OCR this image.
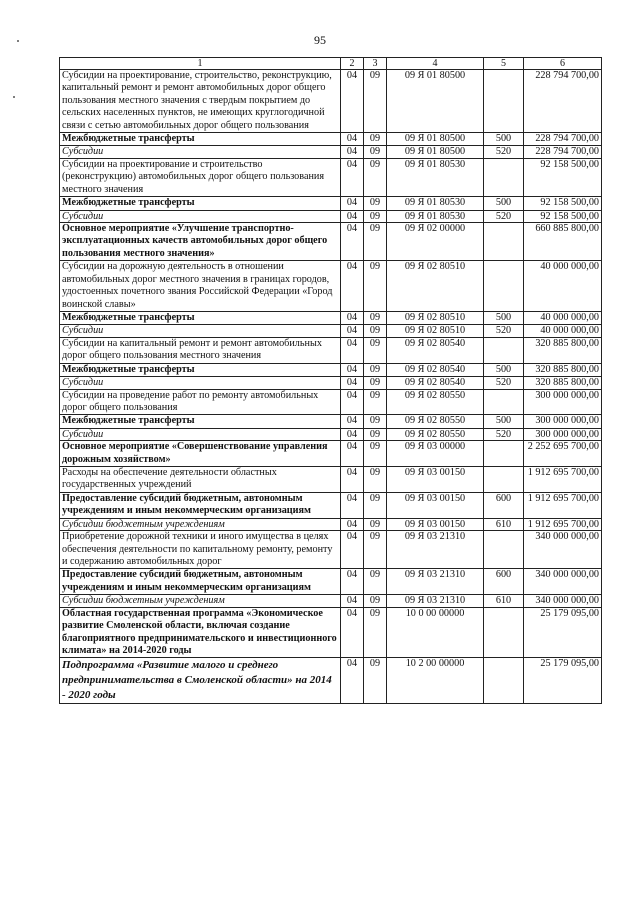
95
1	2	3	4	5	6
Субсидии на проектирование, строительство, реконструкцию, капитальный ремонт и ремонт автомобильных дорог общего пользования местного значения с твердым покрытием до сельских населенных пунктов, не имеющих круглогодичной связи с сетью автомобильных дорог общего пользования	04	09	09 Я 01 80500		228 794 700,00
Межбюджетные трансферты	04	09	09 Я 01 80500	500	228 794 700,00
Субсидии	04	09	09 Я 01 80500	520	228 794 700,00
Субсидии на проектирование и строительство (реконструкцию) автомобильных дорог общего пользования местного значения	04	09	09 Я 01 80530		92 158 500,00
Межбюджетные трансферты	04	09	09 Я 01 80530	500	92 158 500,00
Субсидии	04	09	09 Я 01 80530	520	92 158 500,00
Основное мероприятие «Улучшение транспортно-эксплуатационных качеств автомобильных дорог общего пользования местного значения»	04	09	09 Я 02 00000		660 885 800,00
Субсидии на дорожную деятельность в отношении автомобильных дорог местного значения в границах городов, удостоенных почетного звания Российской Федерации «Город воинской славы»	04	09	09 Я 02 80510		40 000 000,00
Межбюджетные трансферты	04	09	09 Я 02 80510	500	40 000 000,00
Субсидии	04	09	09 Я 02 80510	520	40 000 000,00
Субсидии на капитальный ремонт и ремонт автомобильных дорог общего пользования местного значения	04	09	09 Я 02 80540		320 885 800,00
Межбюджетные трансферты	04	09	09 Я 02 80540	500	320 885 800,00
Субсидии	04	09	09 Я 02 80540	520	320 885 800,00
Субсидии на проведение работ по ремонту автомобильных дорог общего пользования	04	09	09 Я 02 80550		300 000 000,00
Межбюджетные трансферты	04	09	09 Я 02 80550	500	300 000 000,00
Субсидии	04	09	09 Я 02 80550	520	300 000 000,00
Основное мероприятие «Совершенствование управления дорожным хозяйством»	04	09	09 Я 03 00000		2 252 695 700,00
Расходы на обеспечение деятельности областных государственных учреждений	04	09	09 Я 03 00150		1 912 695 700,00
Предоставление субсидий бюджетным, автономным учреждениям и иным некоммерческим организациям	04	09	09 Я 03 00150	600	1 912 695 700,00
Субсидии бюджетным учреждениям	04	09	09 Я 03 00150	610	1 912 695 700,00
Приобретение дорожной техники и иного имущества в целях обеспечения деятельности по капитальному ремонту, ремонту и содержанию автомобильных дорог	04	09	09 Я 03 21310		340 000 000,00
Предоставление субсидий бюджетным, автономным учреждениям и иным некоммерческим организациям	04	09	09 Я 03 21310	600	340 000 000,00
Субсидии бюджетным учреждениям	04	09	09 Я 03 21310	610	340 000 000,00
Областная государственная программа «Экономическое развитие Смоленской области, включая создание благоприятного предпринимательского и инвестиционного климата» на 2014-2020 годы	04	09	10 0 00 00000		25 179 095,00
Подпрограмма «Развитие малого и среднего предпринимательства в Смоленской области» на 2014 - 2020 годы	04	09	10 2 00 00000		25 179 095,00
